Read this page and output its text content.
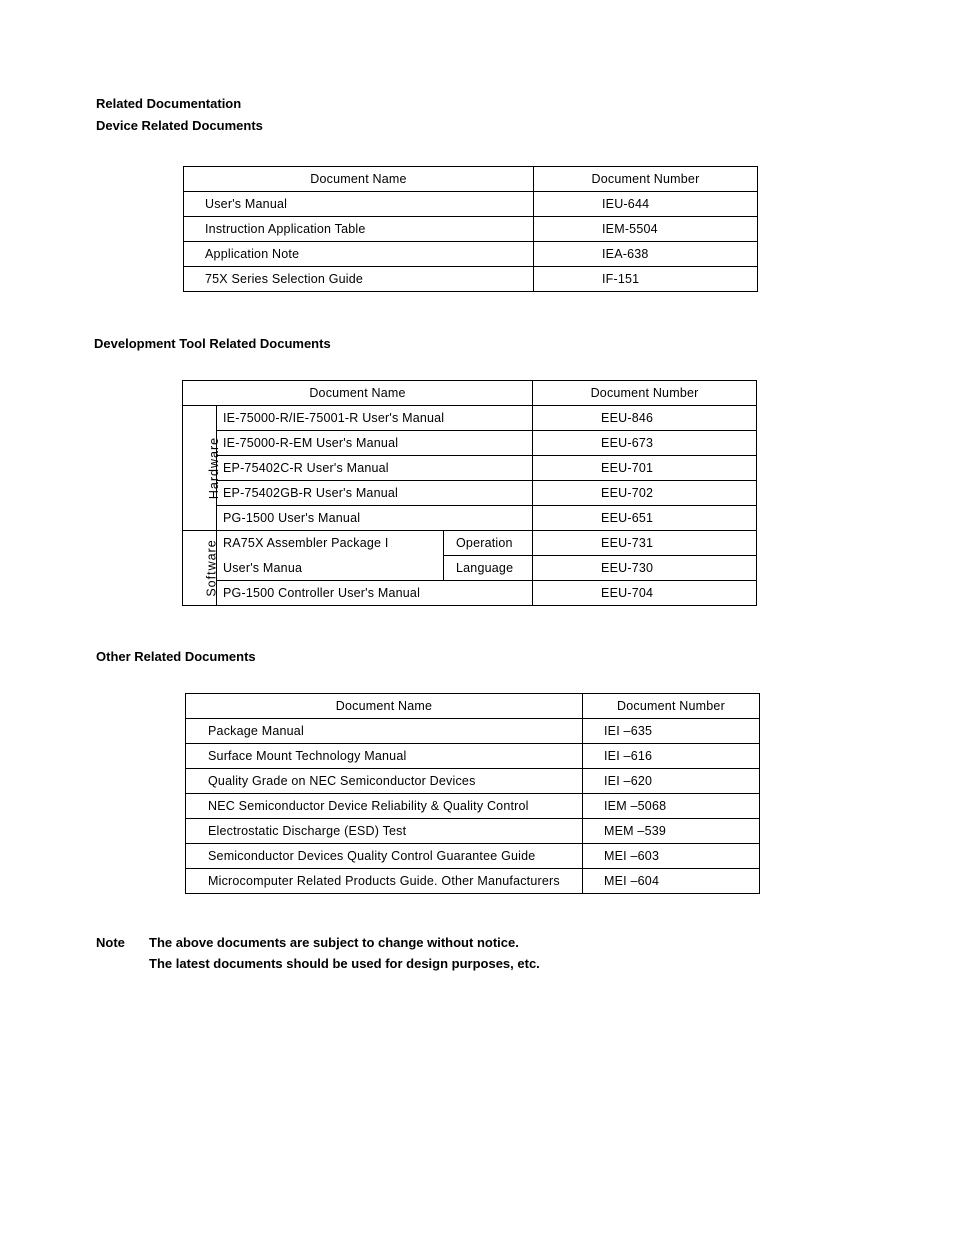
Related Documentation
Device Related Documents
Document Name	Document Number
User's Manual	IEU-644
Instruction Application Table	IEM-5504
Application Note	IEA-638
75X Series Selection Guide	IF-151
Development Tool Related Documents
Document Name			Document Number
Hardware	IE-75000-R/IE-75001-R User's Manual		EEU-846
	IE-75000-R-EM User's Manual		EEU-673
	EP-75402C-R User's Manual		EEU-701
	EP-75402GB-R User's Manual		EEU-702
	PG-1500 User's Manual		EEU-651
Software	RA75X Assembler Package I	Operation	EEU-731
	User's Manua	Language	EEU-730
	PG-1500 Controller User's Manual		EEU-704
Other Related Documents
Document Name	Document Number
Package Manual	IEI –635
Surface Mount Technology Manual	IEI –616
Quality Grade on NEC Semiconductor Devices	IEI –620
NEC Semiconductor Device Reliability & Quality Control	IEM –5068
Electrostatic Discharge (ESD) Test	MEM –539
Semiconductor Devices Quality Control Guarantee Guide	MEI –603
Microcomputer Related Products Guide. Other Manufacturers	MEI –604
Note The above documents are subject to change without notice.
The latest documents should be used for design purposes, etc.
